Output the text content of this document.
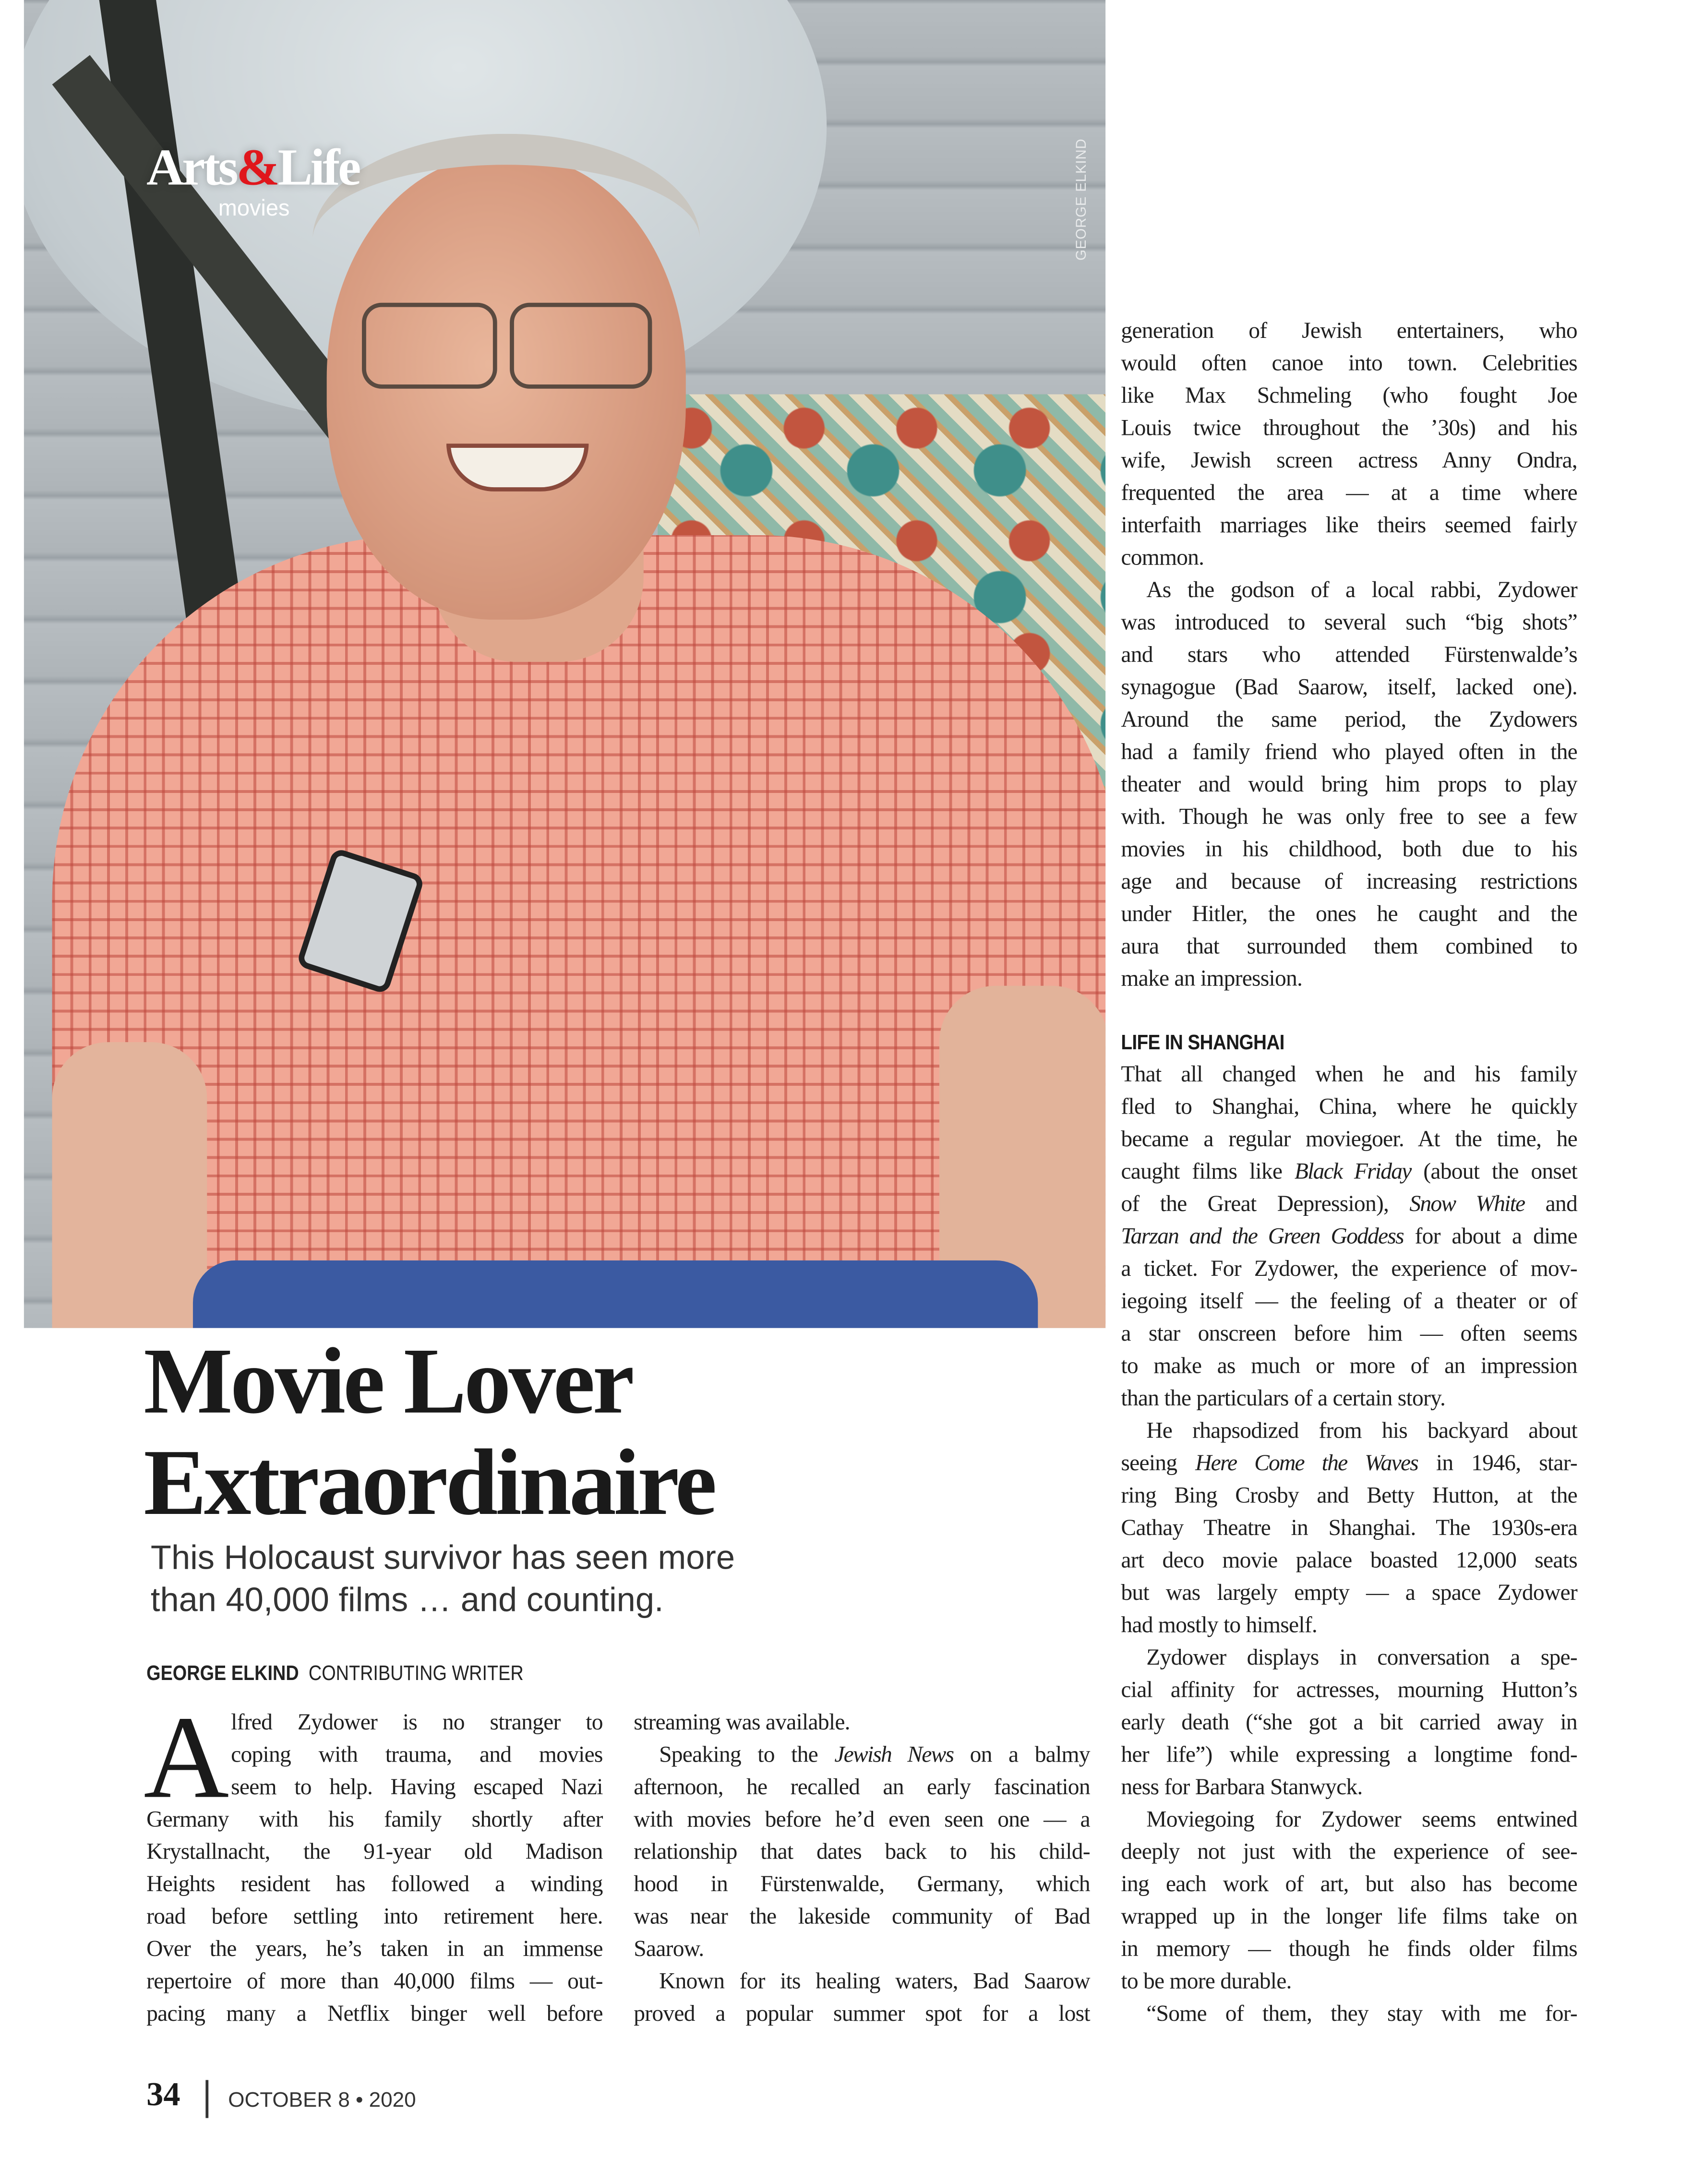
Arts&Life
movies	GEORGE ELKIND
Movie Lover
Extraordinaire
This Holocaust survivor has seen more
than 40,000 films … and counting.
GEORGE ELKIND CONTRIBUTING WRITER
A lfred Zydower is no stranger to
coping with trauma, and movies
seem to help. Having escaped Nazi
Germany with his family shortly after
Krystallnacht, the 91-year old Madison
Heights resident has followed a winding
road before settling into retirement here.
Over the years, he’s taken in an immense
repertoire of more than 40,000 films — out-
pacing many a Netflix binger well before
streaming was available.
Speaking to the Jewish News on a balmy
afternoon, he recalled an early fascination
with movies before he’d even seen one — a
relationship that dates back to his child-
hood in Fürstenwalde, Germany, which
was near the lakeside community of Bad
Saarow.
Known for its healing waters, Bad Saarow
proved a popular summer spot for a lost
generation of Jewish entertainers, who
would often canoe into town. Celebrities
like Max Schmeling (who fought Joe
Louis twice throughout the ’30s) and his
wife, Jewish screen actress Anny Ondra,
frequented the area — at a time where
interfaith marriages like theirs seemed fairly
common.
As the godson of a local rabbi, Zydower
was introduced to several such “big shots”
and stars who attended Fürstenwalde’s
synagogue (Bad Saarow, itself, lacked one).
Around the same period, the Zydowers
had a family friend who played often in the
theater and would bring him props to play
with. Though he was only free to see a few
movies in his childhood, both due to his
age and because of increasing restrictions
under Hitler, the ones he caught and the
aura that surrounded them combined to
make an impression.
LIFE IN SHANGHAI
That all changed when he and his family
fled to Shanghai, China, where he quickly
became a regular moviegoer. At the time, he
caught films like Black Friday (about the onset
of the Great Depression), Snow White and
Tarzan and the Green Goddess for about a dime
a ticket. For Zydower, the experience of mov-
iegoing itself — the feeling of a theater or of
a star onscreen before him — often seems
to make as much or more of an impression
than the particulars of a certain story.
He rhapsodized from his backyard about
seeing Here Come the Waves in 1946, star-
ring Bing Crosby and Betty Hutton, at the
Cathay Theatre in Shanghai. The 1930s-era
art deco movie palace boasted 12,000 seats
but was largely empty — a space Zydower
had mostly to himself.
Zydower displays in conversation a spe-
cial affinity for actresses, mourning Hutton’s
early death (“she got a bit carried away in
her life”) while expressing a longtime fond-
ness for Barbara Stanwyck.
Moviegoing for Zydower seems entwined
deeply not just with the experience of see-
ing each work of art, but also has become
wrapped up in the longer life films take on
in memory — though he finds older films
to be more durable.
“Some of them, they stay with me for-
34	OCTOBER 8 • 2020
